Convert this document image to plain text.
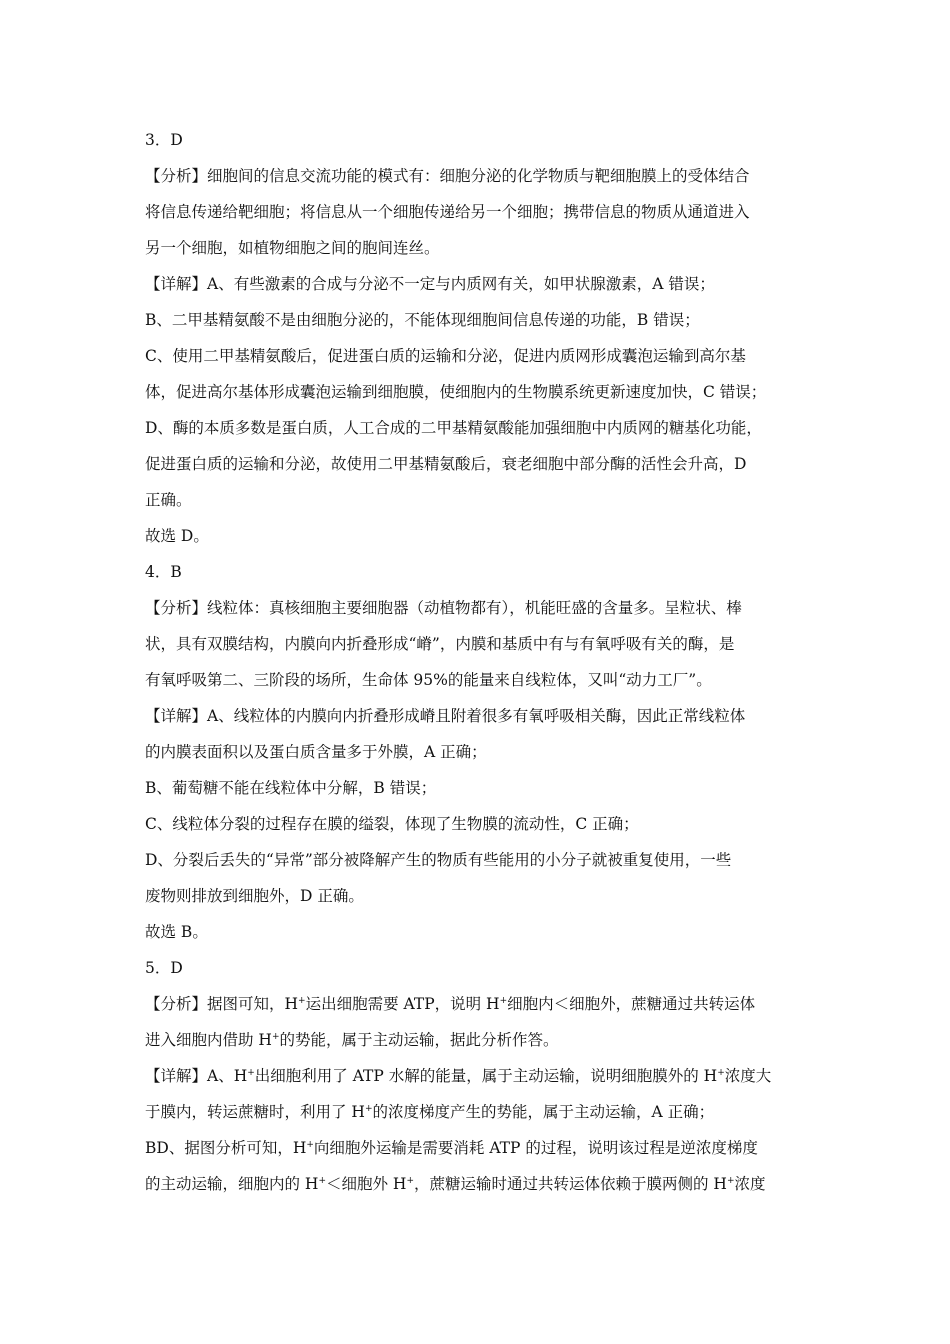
3．D
【分析】细胞间的信息交流功能的模式有：细胞分泌的化学物质与靶细胞膜上的受体结合
将信息传递给靶细胞；将信息从一个细胞传递给另一个细胞；携带信息的物质从通道进入
另一个细胞，如植物细胞之间的胞间连丝。
【详解】A、有些激素的合成与分泌不一定与内质网有关，如甲状腺激素，A 错误；
B、二甲基精氨酸不是由细胞分泌的，不能体现细胞间信息传递的功能，B 错误；
C、使用二甲基精氨酸后，促进蛋白质的运输和分泌，促进内质网形成囊泡运输到高尔基
体，促进高尔基体形成囊泡运输到细胞膜，使细胞内的生物膜系统更新速度加快，C 错误；
D、酶的本质多数是蛋白质，人工合成的二甲基精氨酸能加强细胞中内质网的糖基化功能，
促进蛋白质的运输和分泌，故使用二甲基精氨酸后，衰老细胞中部分酶的活性会升高，D
正确。
故选 D。
4．B
【分析】线粒体：真核细胞主要细胞器（动植物都有），机能旺盛的含量多。呈粒状、棒
状，具有双膜结构，内膜向内折叠形成“嵴”，内膜和基质中有与有氧呼吸有关的酶，是
有氧呼吸第二、三阶段的场所，生命体 95%的能量来自线粒体，又叫“动力工厂”。
【详解】A、线粒体的内膜向内折叠形成嵴且附着很多有氧呼吸相关酶，因此正常线粒体
的内膜表面积以及蛋白质含量多于外膜，A 正确；
B、葡萄糖不能在线粒体中分解，B 错误；
C、线粒体分裂的过程存在膜的缢裂，体现了生物膜的流动性，C 正确；
D、分裂后丢失的“异常”部分被降解产生的物质有些能用的小分子就被重复使用，一些
废物则排放到细胞外，D 正确。
故选 B。
5．D
【分析】据图可知，H+运出细胞需要 ATP，说明 H+细胞内＜细胞外，蔗糖通过共转运体
进入细胞内借助 H+的势能，属于主动运输，据此分析作答。
【详解】A、H+出细胞利用了 ATP 水解的能量，属于主动运输，说明细胞膜外的 H+浓度大
于膜内，转运蔗糖时，利用了 H+的浓度梯度产生的势能，属于主动运输，A 正确；
BD、据图分析可知，H+向细胞外运输是需要消耗 ATP 的过程，说明该过程是逆浓度梯度
的主动运输，细胞内的 H+＜细胞外 H+，蔗糖运输时通过共转运体依赖于膜两侧的 H+浓度
